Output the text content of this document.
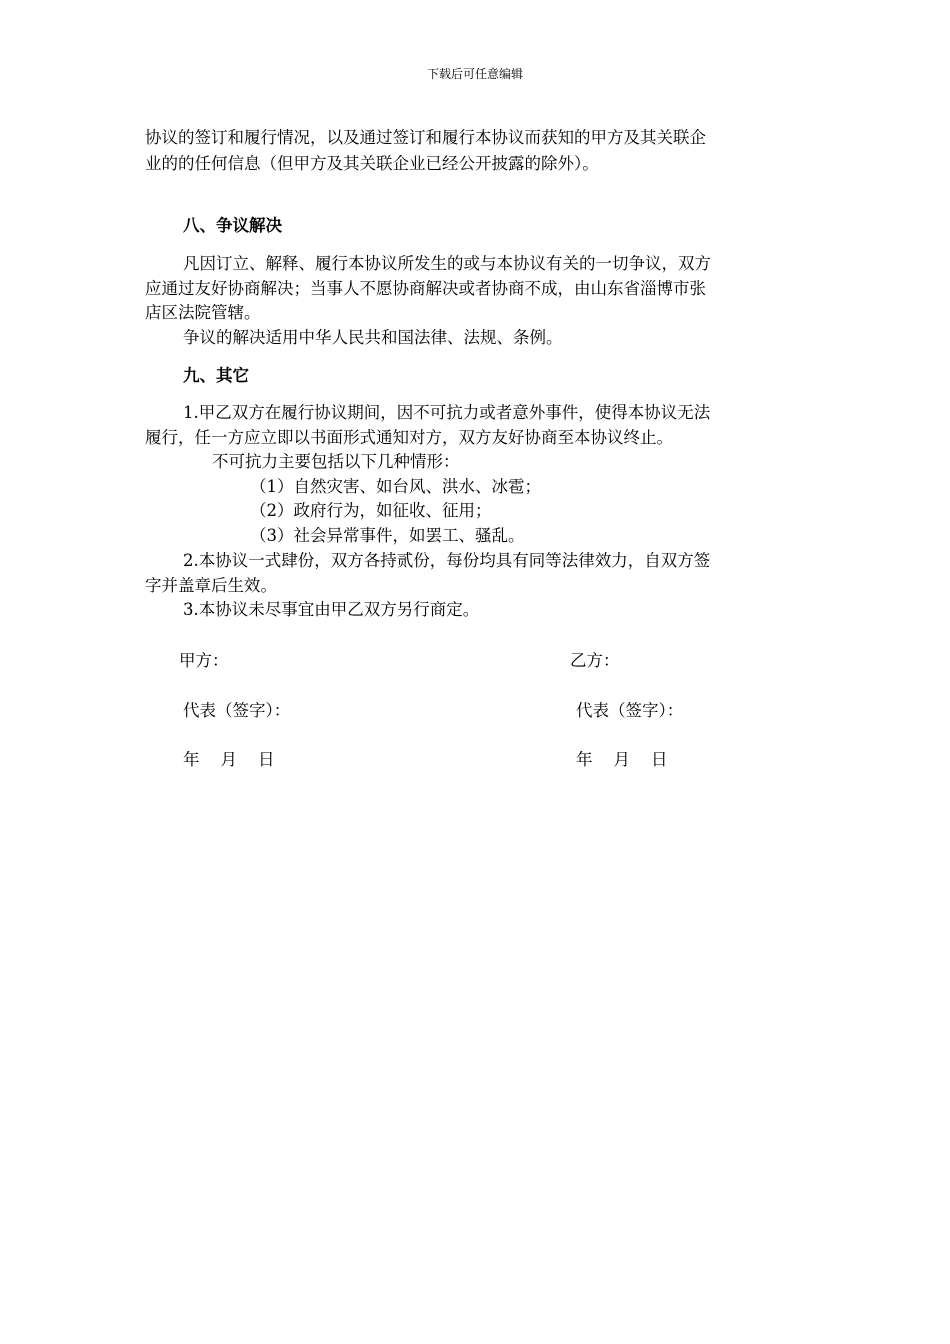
下载后可任意编辑
协议的签订和履行情况，以及通过签订和履行本协议而获知的甲方及其关联企
业的的任何信息（但甲方及其关联企业已经公开披露的除外）。
八、争议解决
凡因订立、解释、履行本协议所发生的或与本协议有关的一切争议，双方
应通过友好协商解决；当事人不愿协商解决或者协商不成，由山东省淄博市张
店区法院管辖。
争议的解决适用中华人民共和国法律、法规、条例。
九、其它
1.甲乙双方在履行协议期间，因不可抗力或者意外事件，使得本协议无法
履行，任一方应立即以书面形式通知对方，双方友好协商至本协议终止。
不可抗力主要包括以下几种情形：
（1）自然灾害、如台风、洪水、冰雹；
（2）政府行为，如征收、征用；
（3）社会异常事件，如罢工、骚乱。
2.本协议一式肆份，双方各持贰份，每份均具有同等法律效力，自双方签
字并盖章后生效。
3.本协议未尽事宜由甲乙双方另行商定。
甲方：	乙方：
代表（签字）：	代表（签字）：
年    月    日	年    月    日
